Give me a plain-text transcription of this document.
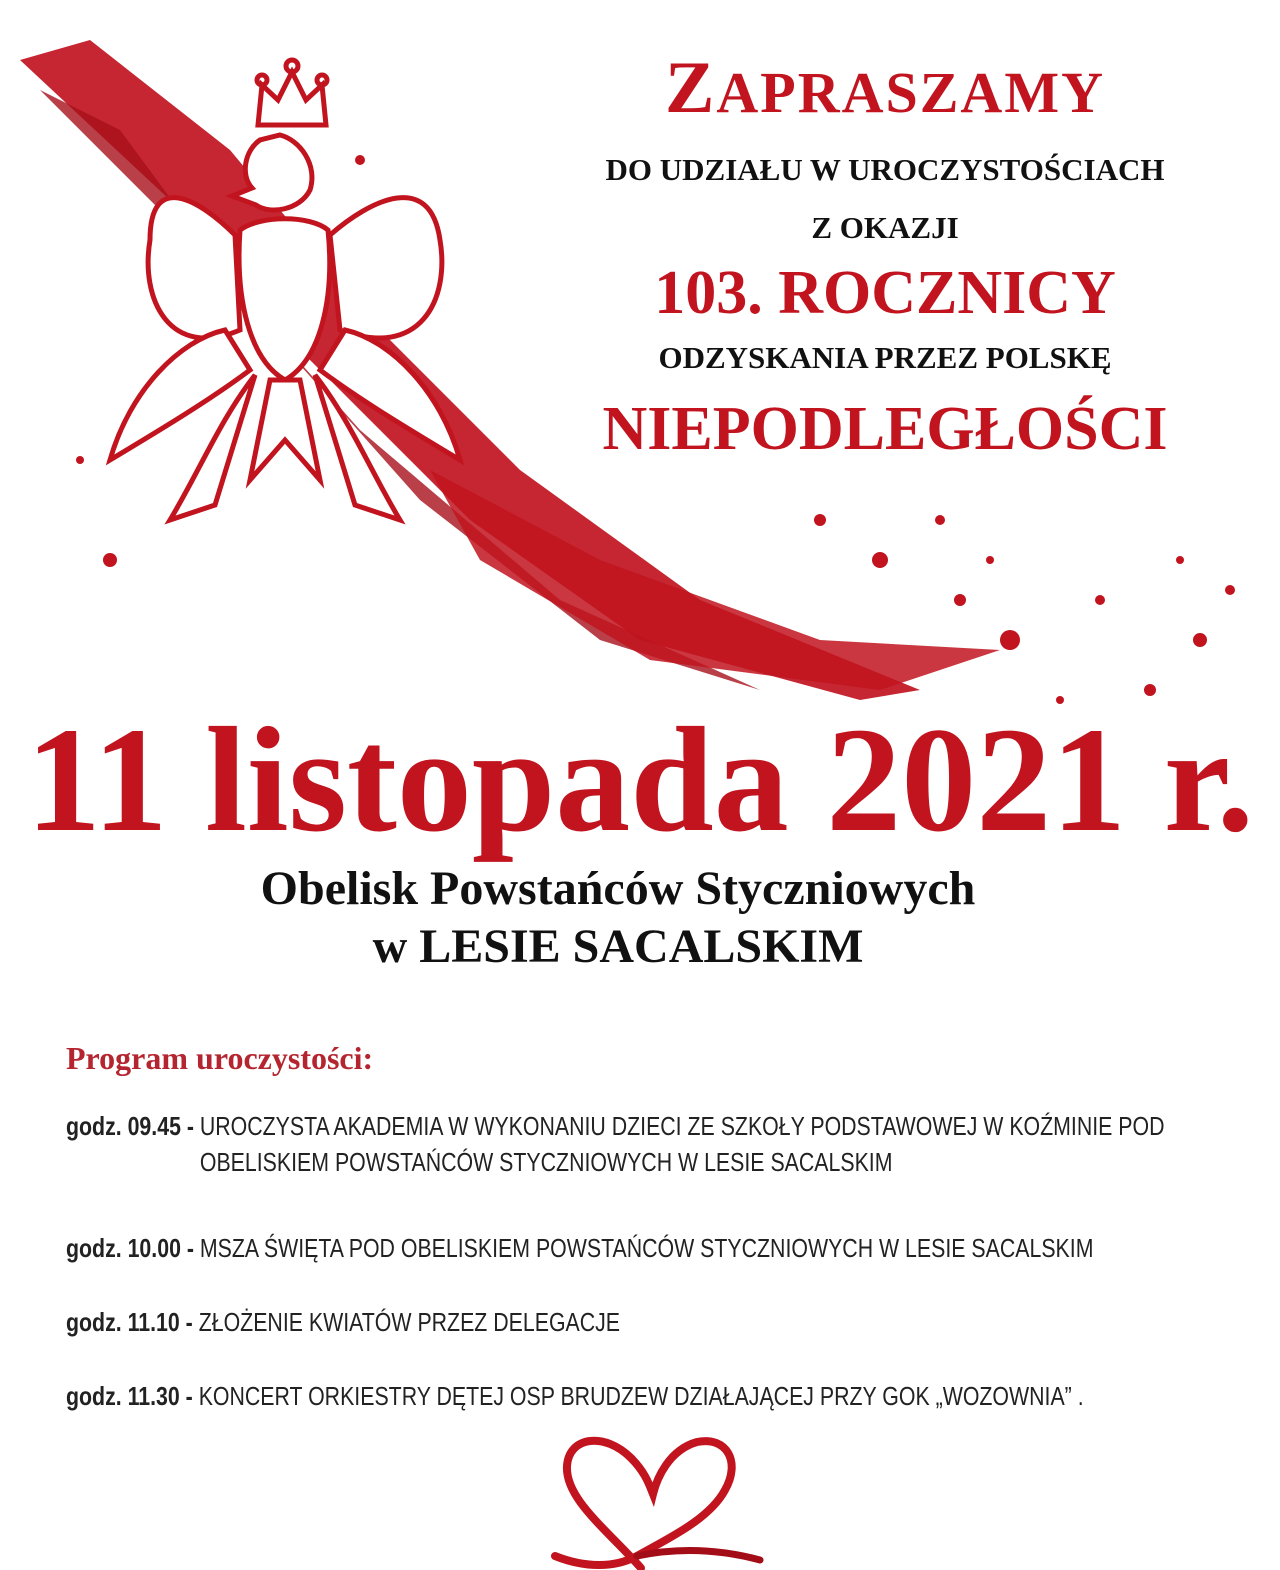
ZAPRASZAMY

DO UDZIAŁU W UROCZYSTOŚCIACH

Z OKAZJI

103. ROCZNICY

ODZYSKANIA PRZEZ POLSKĘ

NIEPODLEGŁOŚCI

11 listopada 2021 r.

Obelisk Powstańców Styczniowych

w LESIE SACALSKIM

Program uroczystości:

godz. 09.45 - UROCZYSTA AKADEMIA W WYKONANIU DZIECI ZE SZKOŁY PODSTAWOWEJ W KOŹMINIE POD OBELISKIEM POWSTAŃCÓW STYCZNIOWYCH W LESIE SACALSKIM
godz. 10.00 - MSZA ŚWIĘTA POD OBELISKIEM POWSTAŃCÓW STYCZNIOWYCH W LESIE SACALSKIM
godz. 11.10 - ZŁOŻENIE KWIATÓW PRZEZ DELEGACJE
godz. 11.30 - KONCERT ORKIESTRY DĘTEJ OSP BRUDZEW DZIAŁAJĄCEJ PRZY GOK „WOZOWNIA” .
